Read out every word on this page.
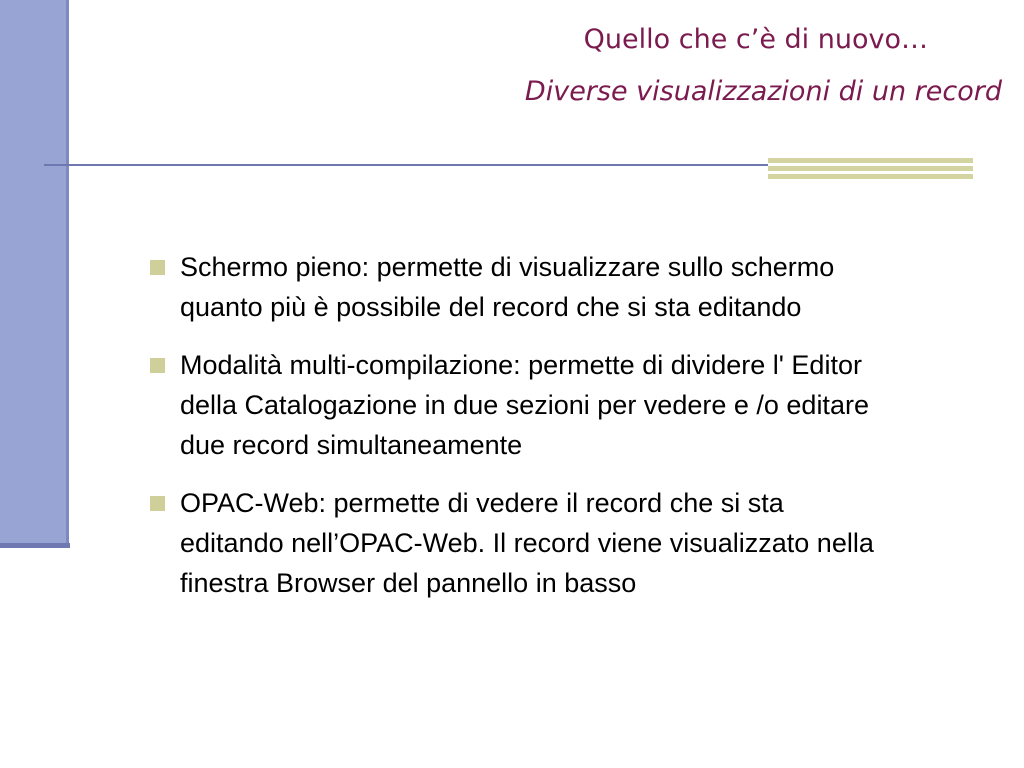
Quello che c’è di nuovo…
Diverse visualizzazioni di un record
Schermo pieno: permette di visualizzare sullo schermo quanto più è possibile del record che si sta editando
Modalità multi-compilazione: permette di dividere l' Editor della Catalogazione in due sezioni per vedere e /o editare due record simultaneamente
OPAC-Web: permette di vedere il record che si sta editando nell’OPAC-Web. Il record viene visualizzato nella finestra Browser del pannello in basso
